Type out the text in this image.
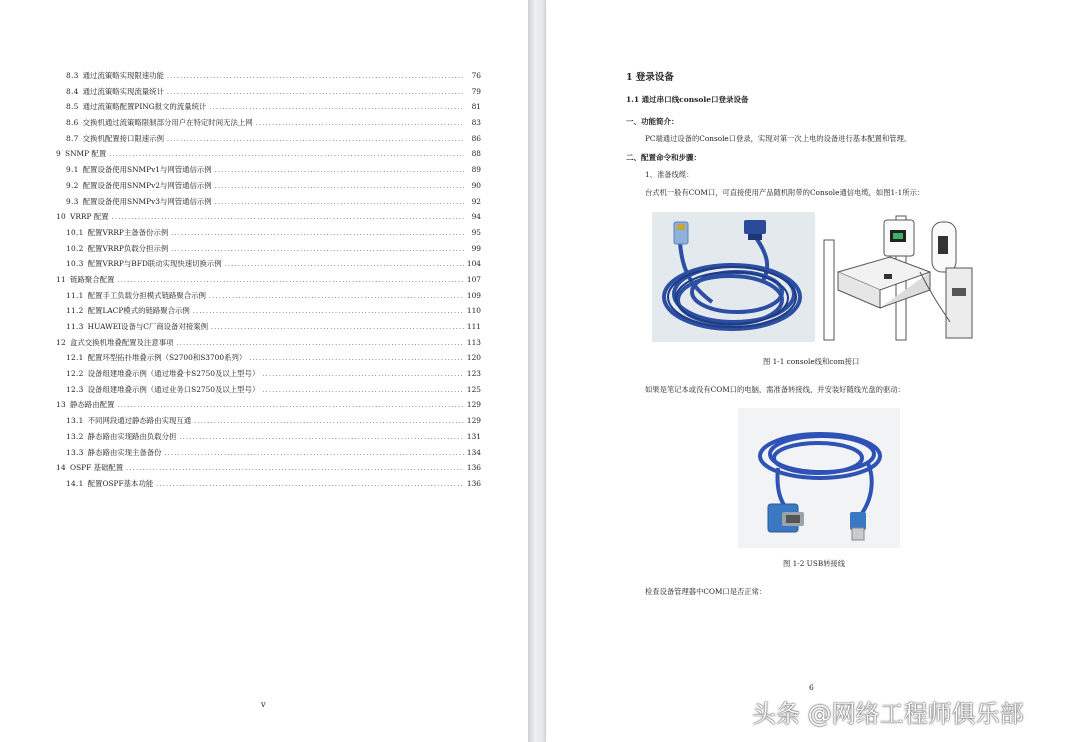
8.3 通过流策略实现限速功能 .....	76
8.4 通过流策略实现流量统计 .....	79
8.5 通过流策略配置PING报文的流量统计 .....	81
8.6 交换机通过流策略限制部分用户在特定时间无法上网 .....	83
8.7 交换机配置接口限速示例 .....	86
9 SNMP 配置 .....	88
9.1 配置设备使用SNMPv1与网管通信示例 .....	89
9.2 配置设备使用SNMPv2与网管通信示例 .....	90
9.3 配置设备使用SNMPv3与网管通信示例 .....	92
10 VRRP 配置 .....	94
10.1 配置VRRP主备备份示例 .....	95
10.2 配置VRRP负载分担示例 .....	99
10.3 配置VRRP与BFD联动实现快速切换示例 .....	104
11 链路聚合配置 .....	107
11.1 配置手工负载分担模式链路聚合示例 .....	109
11.2 配置LACP模式的链路聚合示例 .....	110
11.3 HUAWEI设备与C厂商设备对接案例 .....	111
12 盒式交换机堆叠配置及注意事项 .....	113
12.1 配置环型拓扑堆叠示例（S2700和S3700系列） .....	120
12.2 设备组建堆叠示例（通过堆叠卡S2750及以上型号） .....	123
12.3 设备组建堆叠示例（通过业务口S2750及以上型号） .....	125
13 静态路由配置 .....	129
13.1 不同网段通过静态路由实现互通 .....	129
13.2 静态路由实现路由负载分担 .....	131
13.3 静态路由实现主备备份 .....	134
14 OSPF 基础配置 .....	136
14.1 配置OSPF基本功能 .....	136
v
1 登录设备
1.1 通过串口线console口登录设备
一、功能简介：
PC端通过设备的Console口登录，实现对第一次上电的设备进行基本配置和管理。
二、配置命令和步骤：
1、准备线缆：
台式机一般有COM口，可直接使用产品随机附带的Console通信电缆，如图1-1所示：
图 1-1 console线和com接口
如果是笔记本或没有COM口的电脑，需准备转接线，并安装好随线光盘的驱动：
图 1-2 USB转接线
检查设备管理器中COM口是否正常：
6
头条 @网络工程师俱乐部
